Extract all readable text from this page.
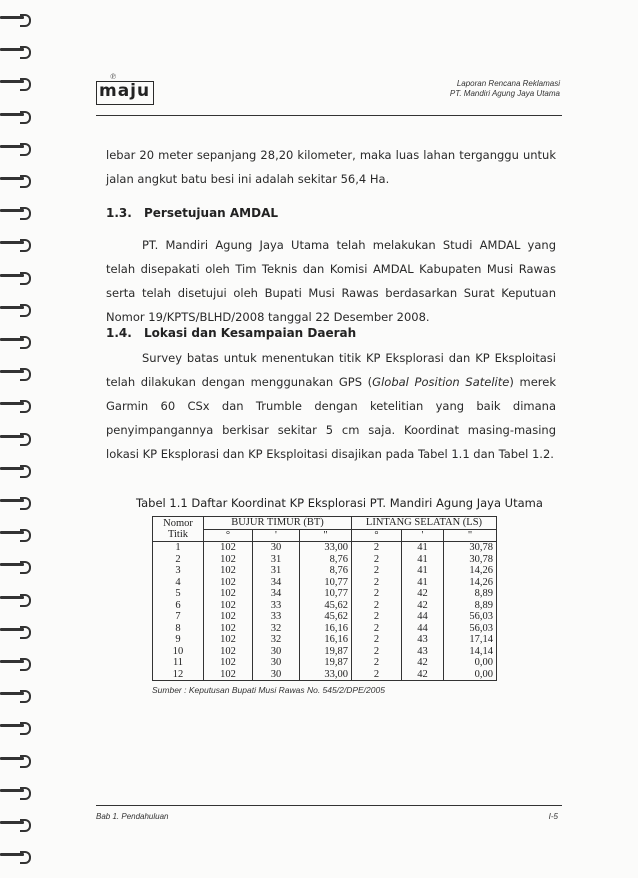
℗
maju	Laporan Rencana Reklamasi
PT. Mandiri Agung Jaya Utama

lebar 20 meter sepanjang 28,20 kilometer, maka luas lahan terganggu untuk jalan angkut batu besi ini adalah sekitar 56,4 Ha.

1.3. Persetujuan AMDAL

PT. Mandiri Agung Jaya Utama telah melakukan Studi AMDAL yang telah disepakati oleh Tim Teknis dan Komisi AMDAL Kabupaten Musi Rawas serta telah disetujui oleh Bupati Musi Rawas berdasarkan Surat Keputuan Nomor 19/KPTS/BLHD/2008 tanggal 22 Desember 2008.

1.4. Lokasi dan Kesampaian Daerah

Survey batas untuk menentukan titik KP Eksplorasi dan KP Eksploitasi telah dilakukan dengan menggunakan GPS (Global Position Satelite) merek Garmin 60 CSx dan Trumble dengan ketelitian yang baik dimana penyimpangannya berkisar sekitar 5 cm saja. Koordinat masing-masing lokasi KP Eksplorasi dan KP Eksploitasi disajikan pada Tabel 1.1 dan Tabel 1.2.

Tabel 1.1 Daftar Koordinat KP Eksplorasi PT. Mandiri Agung Jaya Utama
Nomor
Titik	BUJUR TIMUR (BT)			LINTANG SELATAN (LS)		
	°	'	"	°	'	"
1	102	30	33,00	2	41	30,78
2	102	31	8,76	2	41	30,78
3	102	31	8,76	2	41	14,26
4	102	34	10,77	2	41	14,26
5	102	34	10,77	2	42	8,89
6	102	33	45,62	2	42	8,89
7	102	33	45,62	2	44	56,03
8	102	32	16,16	2	44	56,03
9	102	32	16,16	2	43	17,14
10	102	30	19,87	2	43	14,14
11	102	30	19,87	2	42	0,00
12	102	30	33,00	2	42	0,00
Sumber : Keputusan Bupati Musi Rawas No. 545/2/DPE/2005
Bab 1. Pendahuluan	I-5
